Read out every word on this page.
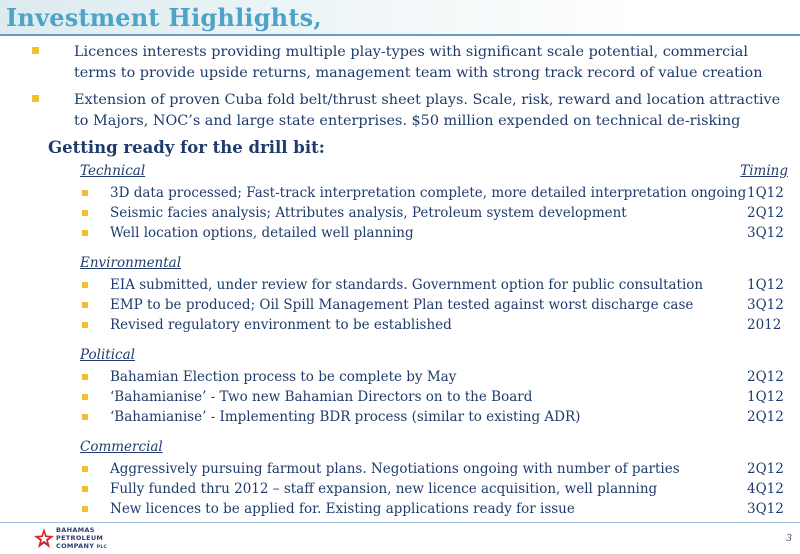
Investment Highlights,
Licences interests providing multiple play-types with significant scale potential, commercial
terms to provide upside returns, management team with strong track record of value creation
Extension of proven Cuba fold belt/thrust sheet plays. Scale, risk, reward and location attractive
to Majors, NOC’s and large state enterprises. $50 million expended on technical de-risking
Getting ready for the drill bit:
Technical	Timing
3D data processed; Fast-track interpretation complete, more detailed interpretation ongoing 1Q12
Seismic facies analysis; Attributes analysis, Petroleum system development	2Q12
Well location options, detailed well planning	3Q12
Environmental
EIA submitted, under review for standards. Government option for public consultation	1Q12
EMP to be produced; Oil Spill Management Plan tested against worst discharge case	3Q12
Revised regulatory environment to be established	2012
Political
Bahamian Election process to be complete by May	2Q12
‘Bahamianise’ - Two new Bahamian Directors on to the Board	1Q12
‘Bahamianise’ - Implementing BDR process (similar to existing ADR)	2Q12
Commercial
Aggressively pursuing farmout plans. Negotiations ongoing with number of parties	2Q12
Fully funded thru 2012 – staff expansion, new licence acquisition, well planning	4Q12
New licences to be applied for. Existing applications ready for issue	3Q12
BAHAMAS
PETROLEUM
COMPANY PLC
3
